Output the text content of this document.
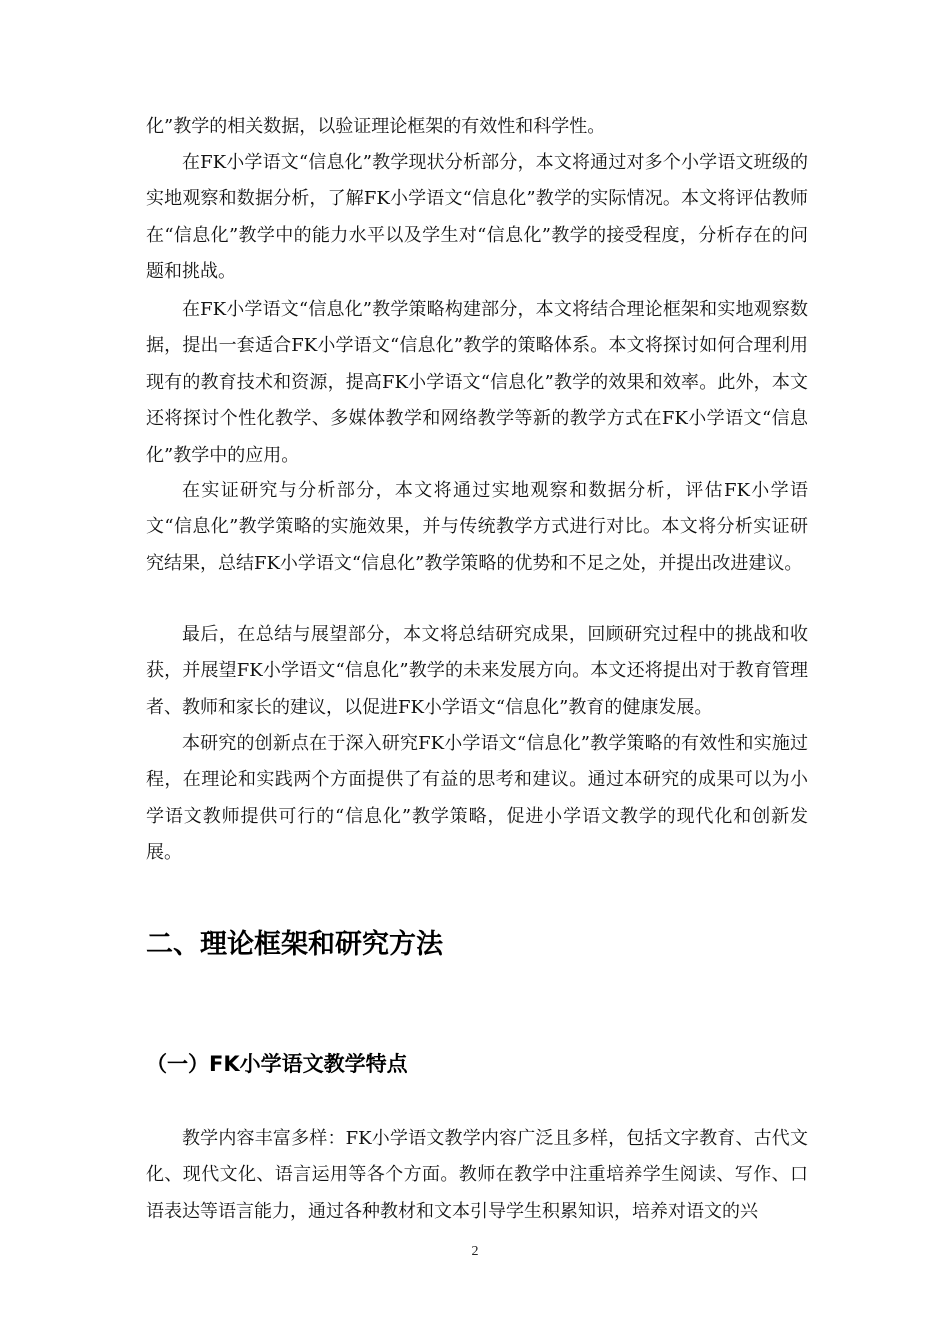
化”教学的相关数据，以验证理论框架的有效性和科学性。

在FK小学语文“信息化”教学现状分析部分，本文将通过对多个小学语文班级的实地观察和数据分析，了解FK小学语文“信息化”教学的实际情况。本文将评估教师在“信息化”教学中的能力水平以及学生对“信息化”教学的接受程度，分析存在的问题和挑战。

在FK小学语文“信息化”教学策略构建部分，本文将结合理论框架和实地观察数据，提出一套适合FK小学语文“信息化”教学的策略体系。本文将探讨如何合理利用现有的教育技术和资源，提高FK小学语文“信息化”教学的效果和效率。此外，本文还将探讨个性化教学、多媒体教学和网络教学等新的教学方式在FK小学语文“信息化”教学中的应用。

在实证研究与分析部分，本文将通过实地观察和数据分析，评估FK小学语文“信息化”教学策略的实施效果，并与传统教学方式进行对比。本文将分析实证研究结果，总结FK小学语文“信息化”教学策略的优势和不足之处，并提出改进建议。

最后，在总结与展望部分，本文将总结研究成果，回顾研究过程中的挑战和收获，并展望FK小学语文“信息化”教学的未来发展方向。本文还将提出对于教育管理者、教师和家长的建议，以促进FK小学语文“信息化”教育的健康发展。

本研究的创新点在于深入研究FK小学语文“信息化”教学策略的有效性和实施过程，在理论和实践两个方面提供了有益的思考和建议。通过本研究的成果可以为小学语文教师提供可行的“信息化”教学策略，促进小学语文教学的现代化和创新发展。

二、理论框架和研究方法
（一）FK小学语文教学特点

教学内容丰富多样：FK小学语文教学内容广泛且多样，包括文字教育、古代文化、现代文化、语言运用等各个方面。教师在教学中注重培养学生阅读、写作、口语表达等语言能力，通过各种教材和文本引导学生积累知识，培养对语文的兴

2
